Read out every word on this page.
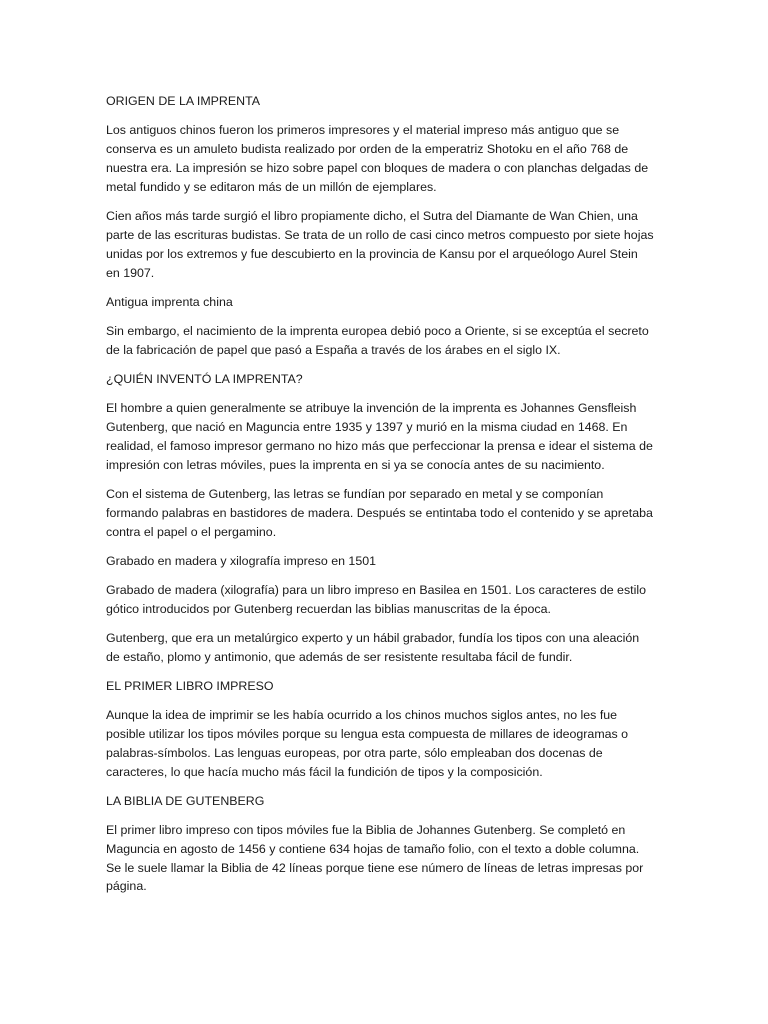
ORIGEN DE LA IMPRENTA

Los antiguos chinos fueron los primeros impresores y el material impreso más antiguo que se conserva es un amuleto budista realizado por orden de la emperatriz Shotoku en el año 768 de nuestra era. La impresión se hizo sobre papel con bloques de madera o con planchas delgadas de metal fundido y se editaron más de un millón de ejemplares.

Cien años más tarde surgió el libro propiamente dicho, el Sutra del Diamante de Wan Chien, una parte de las escrituras budistas. Se trata de un rollo de casi cinco metros compuesto por siete hojas unidas por los extremos y fue descubierto en la provincia de Kansu por el arqueólogo Aurel Stein en 1907.

Antigua imprenta china

Sin embargo, el nacimiento de la imprenta europea debió poco a Oriente, si se exceptúa el secreto de la fabricación de papel que pasó a España a través de los árabes en el siglo IX.

¿QUIÉN INVENTÓ LA IMPRENTA?

El hombre a quien generalmente se atribuye la invención de la imprenta es Johannes Gensfleish Gutenberg, que nació en Maguncia entre 1935 y 1397 y murió en la misma ciudad en 1468. En realidad, el famoso impresor germano no hizo más que perfeccionar la prensa e idear el sistema de impresión con letras móviles, pues la imprenta en si ya se conocía antes de su nacimiento.

Con el sistema de Gutenberg, las letras se fundían por separado en metal y se componían formando palabras en bastidores de madera. Después se entintaba todo el contenido y se apretaba contra el papel o el pergamino.

Grabado en madera y xilografía impreso en 1501

Grabado de madera (xilografía) para un libro impreso en Basilea en 1501. Los caracteres de estilo gótico introducidos por Gutenberg recuerdan las biblias manuscritas de la época.

Gutenberg, que era un metalúrgico experto y un hábil grabador, fundía los tipos con una aleación de estaño, plomo y antimonio, que además de ser resistente resultaba fácil de fundir.

EL PRIMER LIBRO IMPRESO

Aunque la idea de imprimir se les había ocurrido a los chinos muchos siglos antes, no les fue posible utilizar los tipos móviles porque su lengua esta compuesta de millares de ideogramas o palabras-símbolos. Las lenguas europeas, por otra parte, sólo empleaban dos docenas de caracteres, lo que hacía mucho más fácil la fundición de tipos y la composición.

LA BIBLIA DE GUTENBERG

El primer libro impreso con tipos móviles fue la Biblia de Johannes Gutenberg. Se completó en Maguncia en agosto de 1456 y contiene 634 hojas de tamaño folio, con el texto a doble columna. Se le suele llamar la Biblia de 42 líneas porque tiene ese número de líneas de letras impresas por página.
